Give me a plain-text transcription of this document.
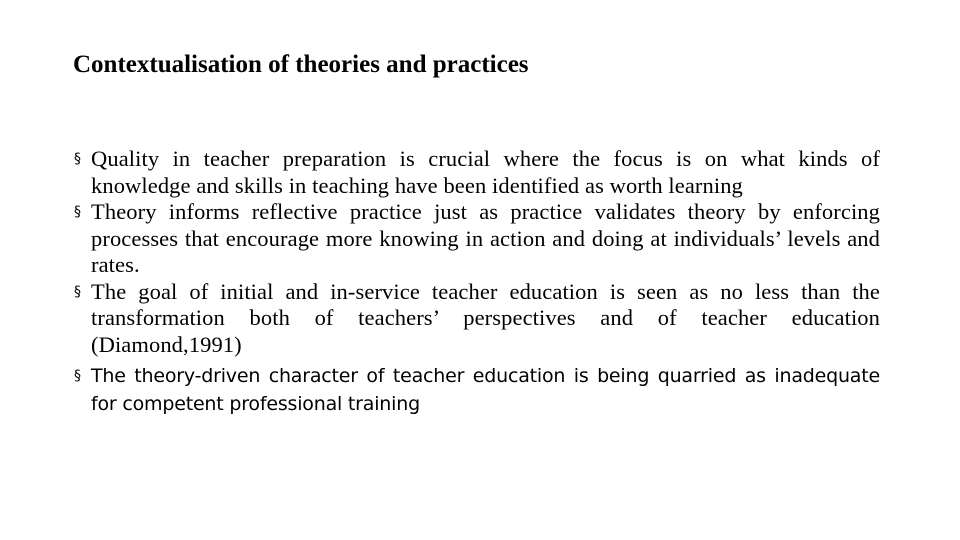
Contextualisation of theories and practices
§ Quality in teacher preparation is crucial where the focus is on what kinds of knowledge and skills in teaching have been identified as worth learning
§ Theory informs reflective practice just as practice validates theory by enforcing processes that encourage more knowing in action and doing at individuals’ levels and rates.
§ The goal of initial and in-service teacher education is seen as no less than the transformation both of teachers’ perspectives and of teacher education (Diamond,1991)
§ The theory-driven character of teacher education is being quarried as inadequate for competent professional training
